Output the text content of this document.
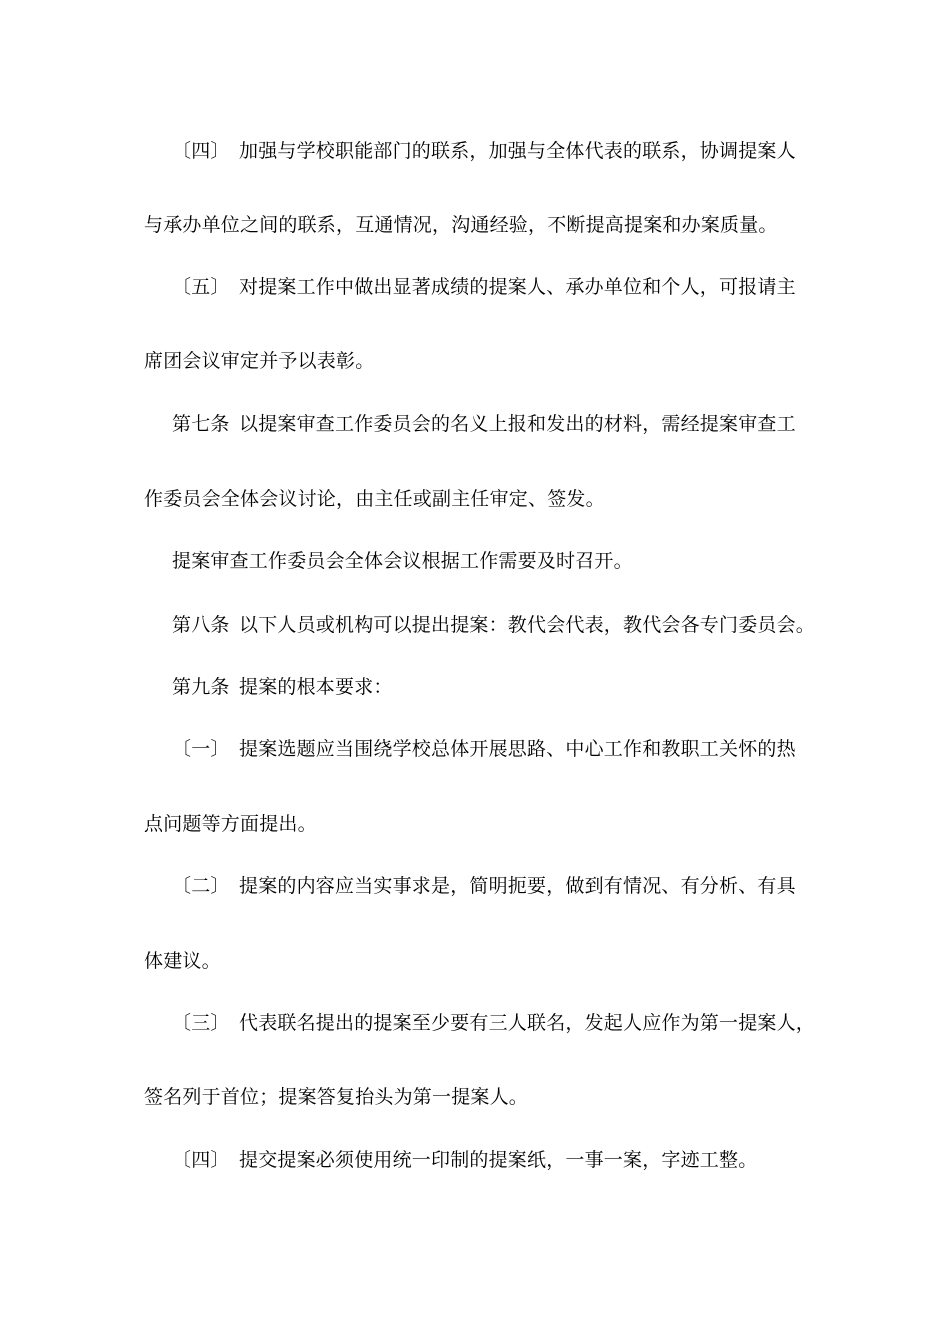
〔四〕 加强与学校职能部门的联系，加强与全体代表的联系，协调提案人

与承办单位之间的联系，互通情况，沟通经验，不断提高提案和办案质量。

〔五〕 对提案工作中做出显著成绩的提案人、承办单位和个人，可报请主

席团会议审定并予以表彰。

第七条 以提案审查工作委员会的名义上报和发出的材料，需经提案审查工

作委员会全体会议讨论，由主任或副主任审定、签发。

提案审查工作委员会全体会议根据工作需要及时召开。

第八条 以下人员或机构可以提出提案：教代会代表，教代会各专门委员会。

第九条 提案的根本要求：

〔一〕 提案选题应当围绕学校总体开展思路、中心工作和教职工关怀的热

点问题等方面提出。

〔二〕 提案的内容应当实事求是，简明扼要，做到有情况、有分析、有具

体建议。

〔三〕 代表联名提出的提案至少要有三人联名，发起人应作为第一提案人，

签名列于首位；提案答复抬头为第一提案人。

〔四〕 提交提案必须使用统一印制的提案纸，一事一案，字迹工整。
